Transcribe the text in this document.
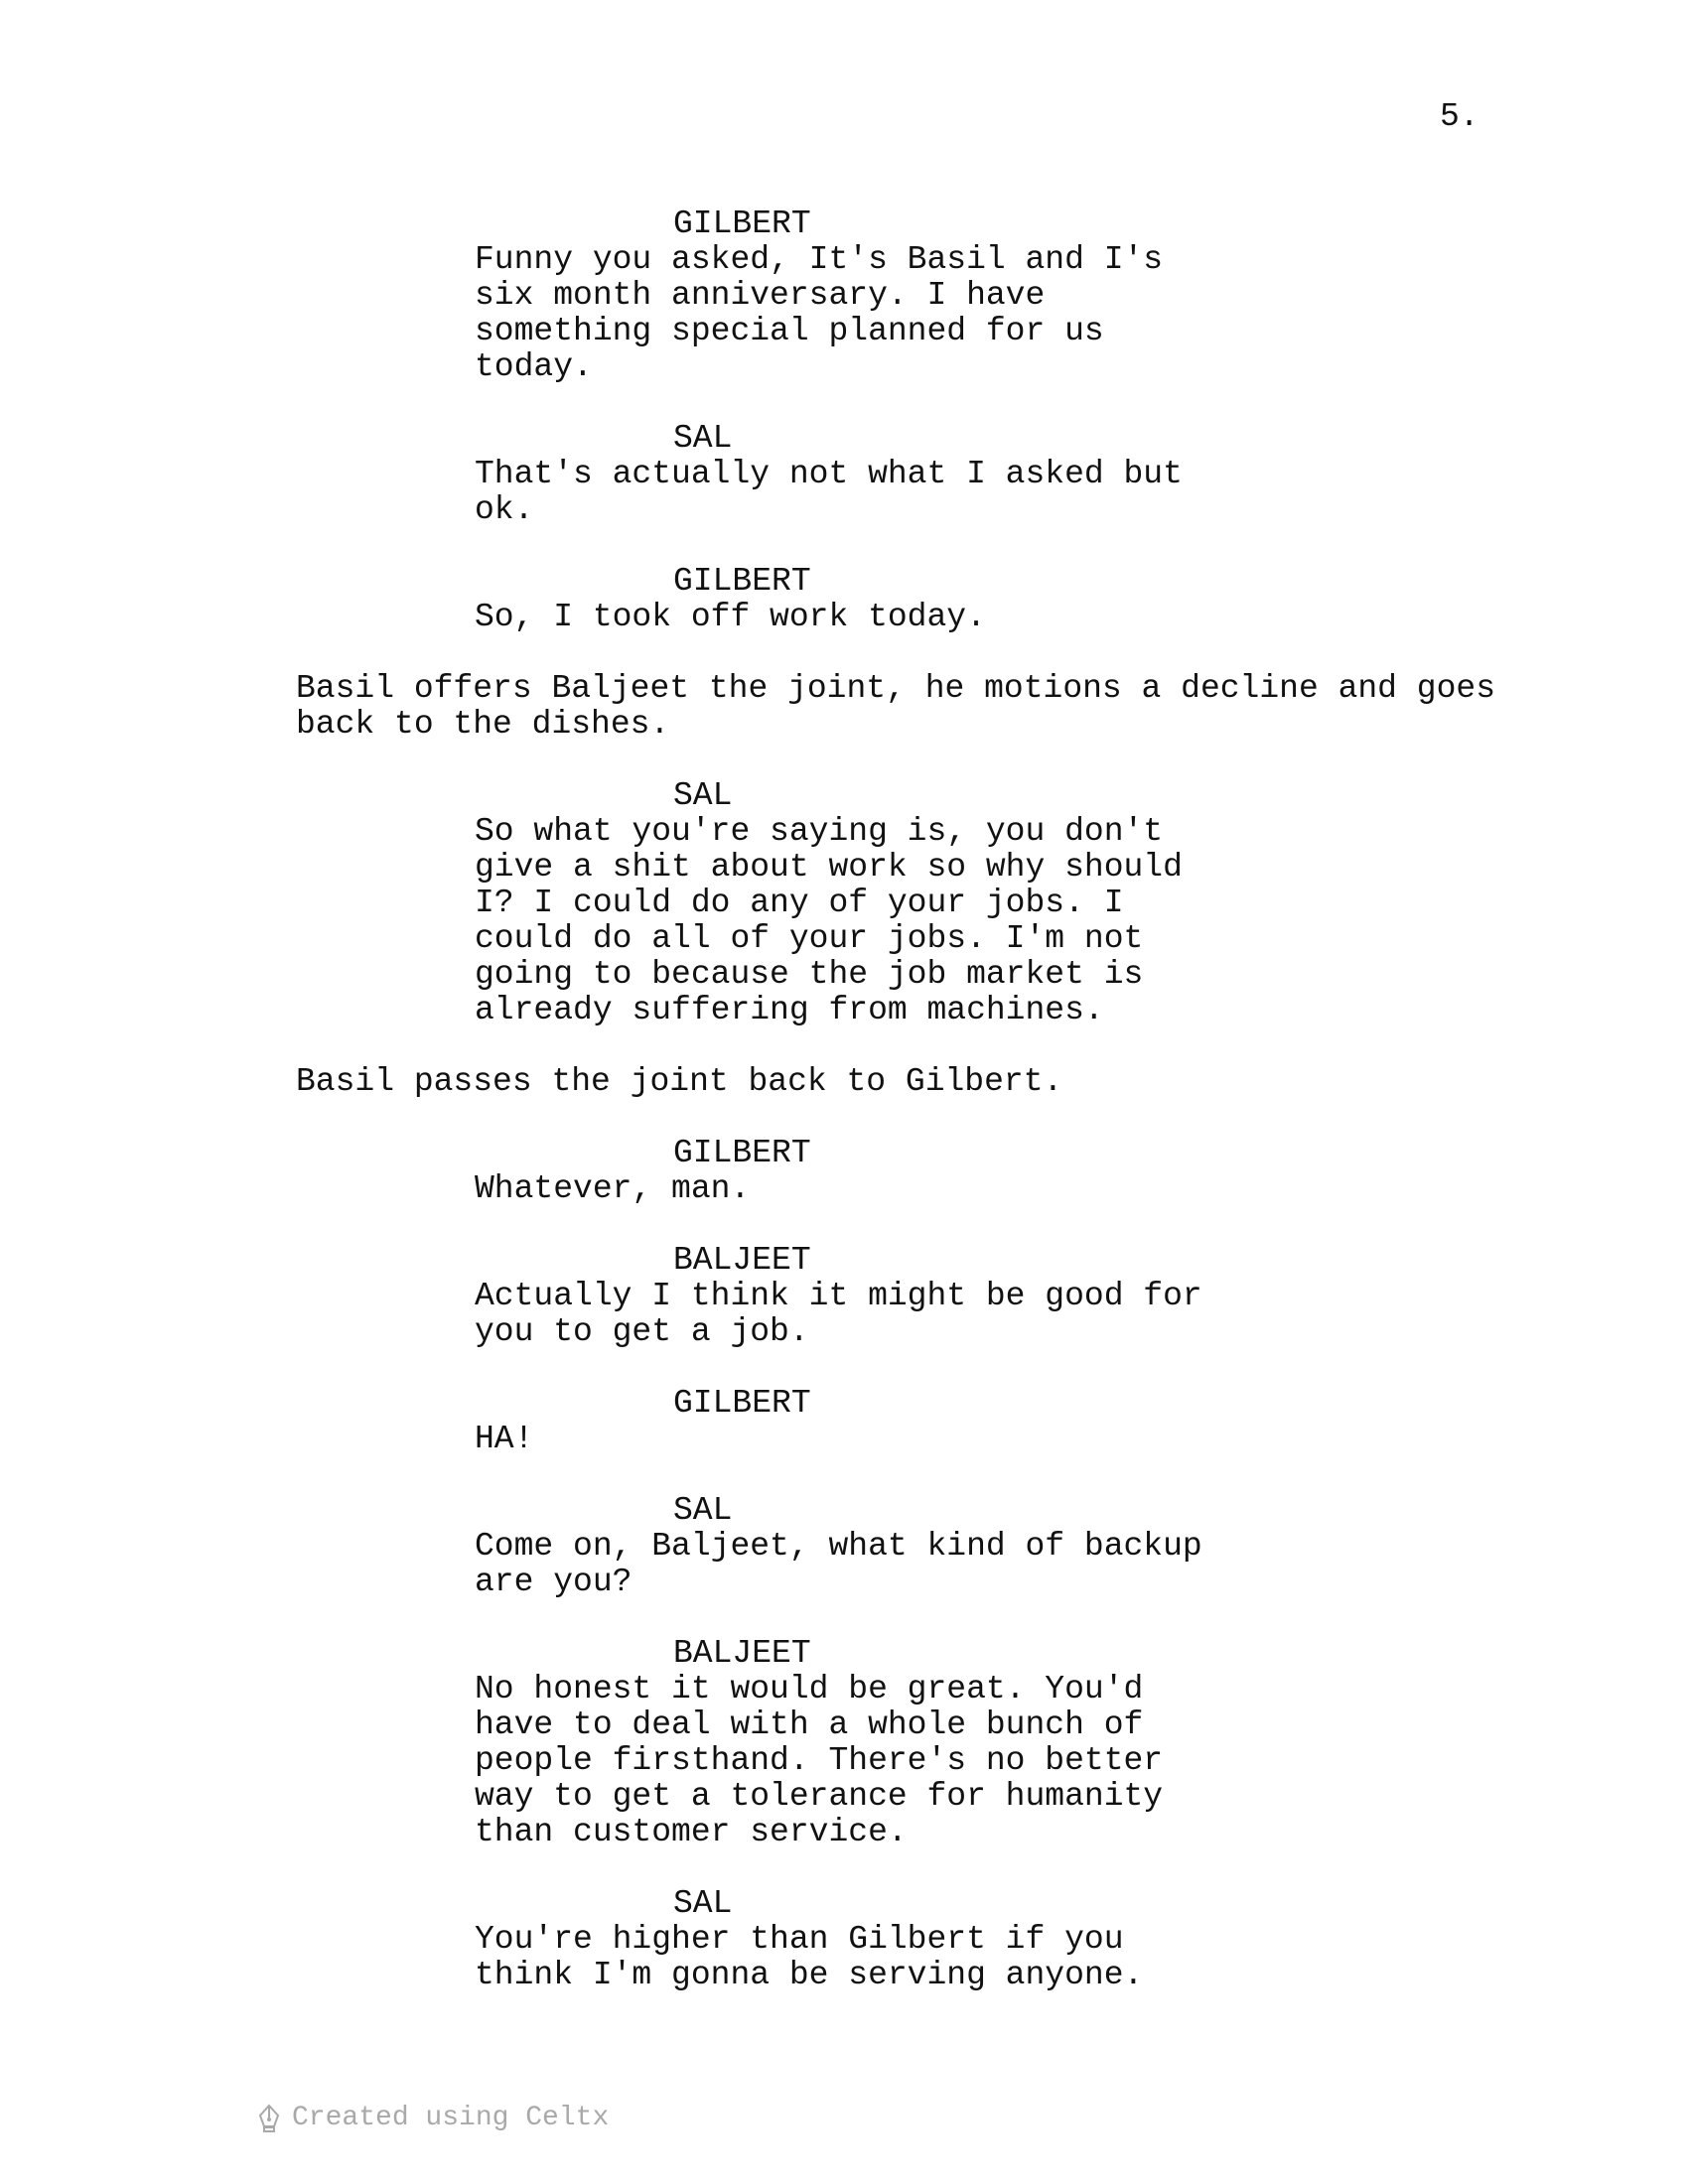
5.
GILBERT
Funny you asked, It's Basil and I's
six month anniversary. I have
something special planned for us
today.
SAL
That's actually not what I asked but
ok.
GILBERT
So, I took off work today.
Basil offers Baljeet the joint, he motions a decline and goes
back to the dishes.
SAL
So what you're saying is, you don't
give a shit about work so why should
I? I could do any of your jobs. I
could do all of your jobs. I'm not
going to because the job market is
already suffering from machines.
Basil passes the joint back to Gilbert.
GILBERT
Whatever, man.
BALJEET
Actually I think it might be good for
you to get a job.
GILBERT
HA!
SAL
Come on, Baljeet, what kind of backup
are you?
BALJEET
No honest it would be great. You'd
have to deal with a whole bunch of
people firsthand. There's no better
way to get a tolerance for humanity
than customer service.
SAL
You're higher than Gilbert if you
think I'm gonna be serving anyone.
Created using Celtx
